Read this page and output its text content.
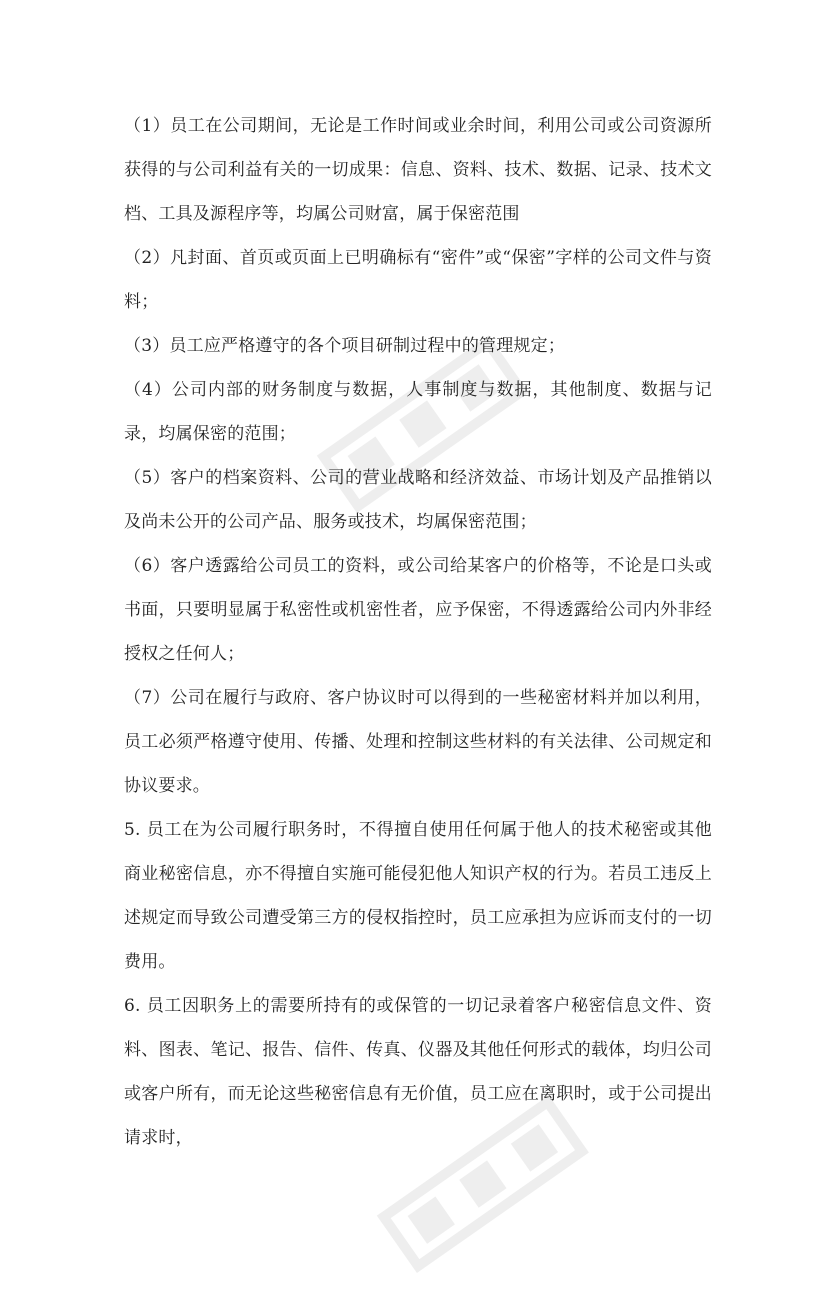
（1）员工在公司期间，无论是工作时间或业余时间，利用公司或公司资源所获得的与公司利益有关的一切成果：信息、资料、技术、数据、记录、技术文档、工具及源程序等，均属公司财富，属于保密范围

（2）凡封面、首页或页面上已明确标有“密件”或“保密”字样的公司文件与资料；

（3）员工应严格遵守的各个项目研制过程中的管理规定；

（4）公司内部的财务制度与数据，人事制度与数据，其他制度、数据与记录，均属保密的范围；

（5）客户的档案资料、公司的营业战略和经济效益、市场计划及产品推销以及尚未公开的公司产品、服务或技术，均属保密范围；

（6）客户透露给公司员工的资料，或公司给某客户的价格等，不论是口头或书面，只要明显属于私密性或机密性者，应予保密，不得透露给公司内外非经授权之任何人；

（7）公司在履行与政府、客户协议时可以得到的一些秘密材料并加以利用，员工必须严格遵守使用、传播、处理和控制这些材料的有关法律、公司规定和协议要求。

5. 员工在为公司履行职务时，不得擅自使用任何属于他人的技术秘密或其他商业秘密信息，亦不得擅自实施可能侵犯他人知识产权的行为。若员工违反上述规定而导致公司遭受第三方的侵权指控时，员工应承担为应诉而支付的一切费用。

6. 员工因职务上的需要所持有的或保管的一切记录着客户秘密信息文件、资料、图表、笔记、报告、信件、传真、仪器及其他任何形式的载体，均归公司或客户所有，而无论这些秘密信息有无价值，员工应在离职时，或于公司提出请求时，
